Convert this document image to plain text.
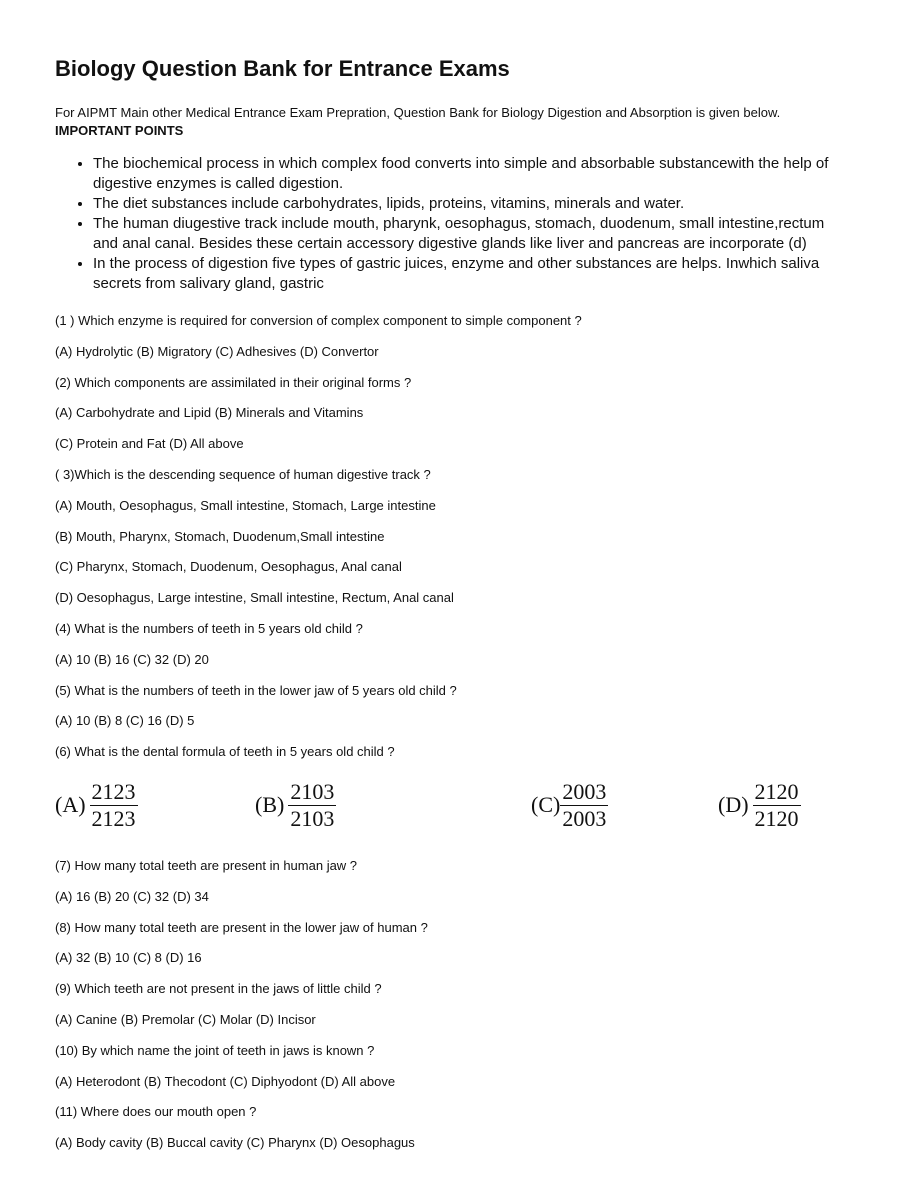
Biology Question Bank for Entrance Exams
For AIPMT Main other Medical Entrance Exam Prepration, Question Bank for Biology Digestion and Absorption is given below.
IMPORTANT POINTS
• The biochemical process in which complex food converts into simple and absorbable substancewith the help of digestive enzymes is called digestion.
• The diet substances include carbohydrates, lipids, proteins, vitamins, minerals and water.
• The human diugestive track include mouth, pharynk, oesophagus, stomach, duodenum, small intestine,rectum and anal canal. Besides these certain accessory digestive glands like liver and pancreas are incorporate (d)
• In the process of digestion five types of gastric juices, enzyme and other substances are helps. Inwhich saliva secrets from salivary gland, gastric
(1 ) Which enzyme is required for conversion of complex component to simple component ?
(A) Hydrolytic (B) Migratory (C) Adhesives (D) Convertor
(2) Which components are assimilated in their original forms ?
(A) Carbohydrate and Lipid (B) Minerals and Vitamins
(C) Protein and Fat (D) All above
( 3)Which is the descending sequence of human digestive track ?
(A) Mouth, Oesophagus, Small intestine, Stomach, Large intestine
(B) Mouth, Pharynx, Stomach, Duodenum,Small intestine
(C) Pharynx, Stomach, Duodenum, Oesophagus, Anal canal
(D) Oesophagus, Large intestine, Small intestine, Rectum, Anal canal
(4) What is the numbers of teeth in 5 years old child ?
(A) 10 (B) 16 (C) 32 (D) 20
(5) What is the numbers of teeth in the lower jaw of 5 years old child ?
(A) 10 (B) 8 (C) 16 (D) 5
(6) What is the dental formula of teeth in 5 years old child ?
$(A) \frac{2123}{2123}$	$(B) \frac{2103}{2103}$	$(C) \frac{2003}{2003}$	$(D) \frac{2120}{2120}$
(7) How many total teeth are present in human jaw ?
(A) 16 (B) 20 (C) 32 (D) 34
(8) How many total teeth are present in the lower jaw of human ?
(A) 32 (B) 10 (C) 8 (D) 16
(9) Which teeth are not present in the jaws of little child ?
(A) Canine (B) Premolar (C) Molar (D) Incisor
(10) By which name the joint of teeth in jaws is known ?
(A) Heterodont (B) Thecodont (C) Diphyodont (D) All above
(11) Where does our mouth open ?
(A) Body cavity (B) Buccal cavity (C) Pharynx (D) Oesophagus
